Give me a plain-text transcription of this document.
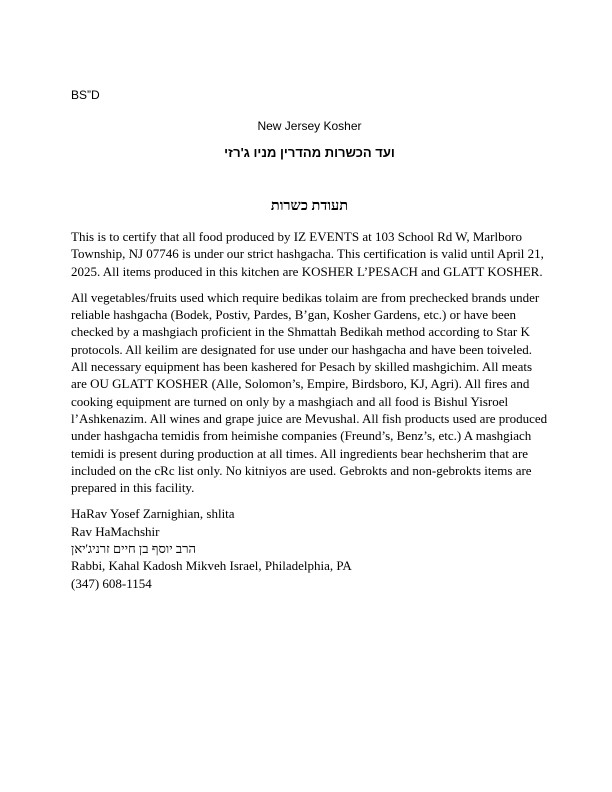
BS”D
New Jersey Kosher
ועד הכשרות מהדרין מניו ג'רזי
תעודת כשרות

This is to certify that all food produced by IZ EVENTS at 103 School Rd W, Marlboro Township, NJ 07746 is under our strict hashgacha. This certification is valid until April 21, 2025. All items produced in this kitchen are KOSHER L’PESACH and GLATT KOSHER.

All vegetables/fruits used which require bedikas tolaim are from prechecked brands under reliable hashgacha (Bodek, Postiv, Pardes, B’gan, Kosher Gardens, etc.) or have been checked by a mashgiach proficient in the Shmattah Bedikah method according to Star K protocols. All keilim are designated for use under our hashgacha and have been toiveled. All necessary equipment has been kashered for Pesach by skilled mashgichim. All meats are OU GLATT KOSHER (Alle, Solomon’s, Empire, Birdsboro, KJ, Agri). All fires and cooking equipment are turned on only by a mashgiach and all food is Bishul Yisroel l’Ashkenazim. All wines and grape juice are Mevushal. All fish products used are produced under hashgacha temidis from heimishe companies (Freund’s, Benz’s, etc.) A mashgiach temidi is present during production at all times. All ingredients bear hechsherim that are included on the cRc list only. No kitniyos are used. Gebrokts and non-gebrokts items are prepared in this facility.

HaRav Yosef Zarnighian, shlita
Rav HaMachshir
הרב יוסף בן חיים זרניג'יאן
Rabbi, Kahal Kadosh Mikveh Israel, Philadelphia, PA
(347) 608-1154
